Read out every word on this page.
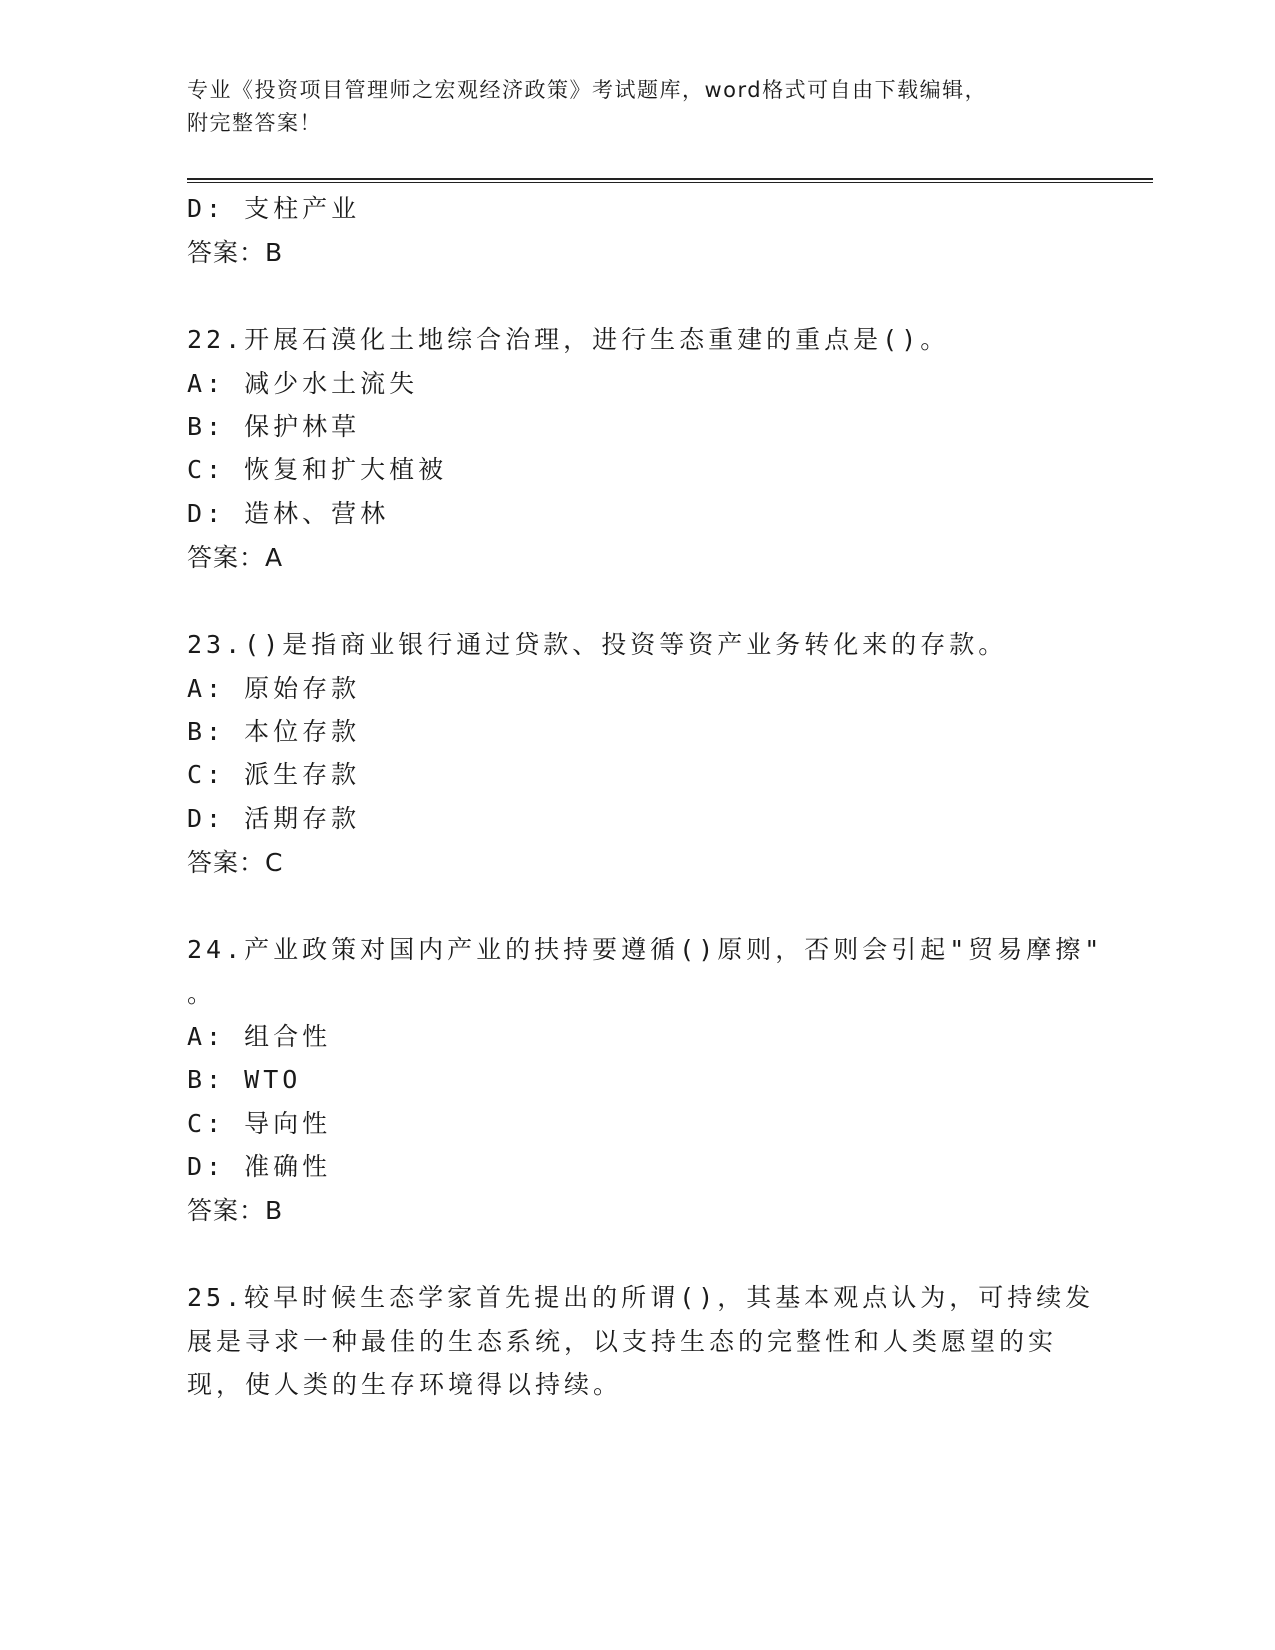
专业《投资项目管理师之宏观经济政策》考试题库，word格式可自由下载编辑，
附完整答案！
D: 支柱产业
答案：B
22.开展石漠化土地综合治理，进行生态重建的重点是()。
A: 减少水土流失
B: 保护林草
C: 恢复和扩大植被
D: 造林、营林
答案：A
23.()是指商业银行通过贷款、投资等资产业务转化来的存款。
A: 原始存款
B: 本位存款
C: 派生存款
D: 活期存款
答案：C
24.产业政策对国内产业的扶持要遵循()原则，否则会引起"贸易摩擦"
。
A: 组合性
B: WTO
C: 导向性
D: 准确性
答案：B
25.较早时候生态学家首先提出的所谓()，其基本观点认为，可持续发
展是寻求一种最佳的生态系统，以支持生态的完整性和人类愿望的实
现，使人类的生存环境得以持续。
